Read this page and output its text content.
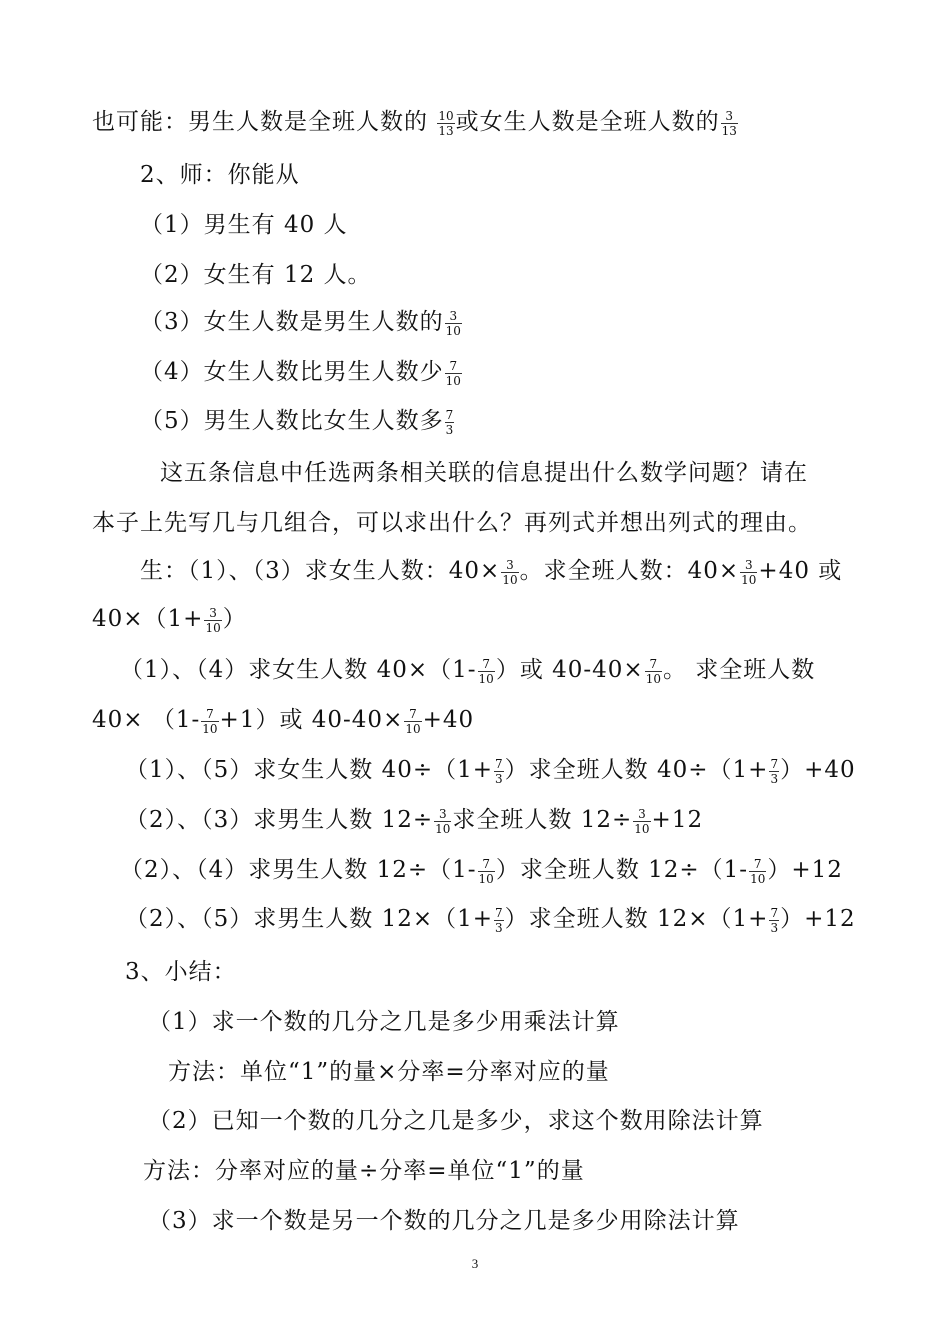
也可能：男生人数是全班人数的 $\frac{10}{13}$ 或女生人数是全班人数的 $\frac{3}{13}$
2、师：你能从
（1）男生有 40 人
（2）女生有 12 人。
（3）女生人数是男生人数的 $\frac{3}{10}$
（4）女生人数比男生人数少 $\frac{7}{10}$
（5）男生人数比女生人数多 $\frac{7}{3}$
这五条信息中任选两条相关联的信息提出什么数学问题？请在
本子上先写几与几组合，可以求出什么？再列式并想出列式的理由。
生：（1）、（3）求女生人数：$40\times \frac{3}{10}$ 。求全班人数：$40\times \frac{3}{10} +40$ 或
$40\times(1+ \frac{3}{10}$ ）
（1）、（4）求女生人数 $40\times(1- \frac{7}{10}$ ）或 $40-40\times \frac{7}{10}$ 。 求全班人数
$40\times (1- \frac{7}{10} +1)$或 $40-40\times \frac{7}{10} +40$
（1）、（5）求女生人数 $40\div(1+ \frac{7}{3}$ ）求全班人数 $40\div(1+ \frac{7}{3} )+40$
（2）、（3）求男生人数 $12\div \frac{3}{10}$ 求全班人数 $12\div \frac{3}{10} +12$
（2）、（4）求男生人数 $12\div(1- \frac{7}{10}$ ）求全班人数 $12\div(1- \frac{7}{10} )+12$
（2）、（5）求男生人数 $12\times(1+ \frac{7}{3}$ ）求全班人数 $12\times(1+ \frac{7}{3} )+12$
3、小结：
（1）求一个数的几分之几是多少用乘法计算
方法：单位“1”的量×分率=分率对应的量
（2）已知一个数的几分之几是多少，求这个数用除法计算
方法：分率对应的量÷分率=单位“1”的量
（3）求一个数是另一个数的几分之几是多少用除法计算
3
